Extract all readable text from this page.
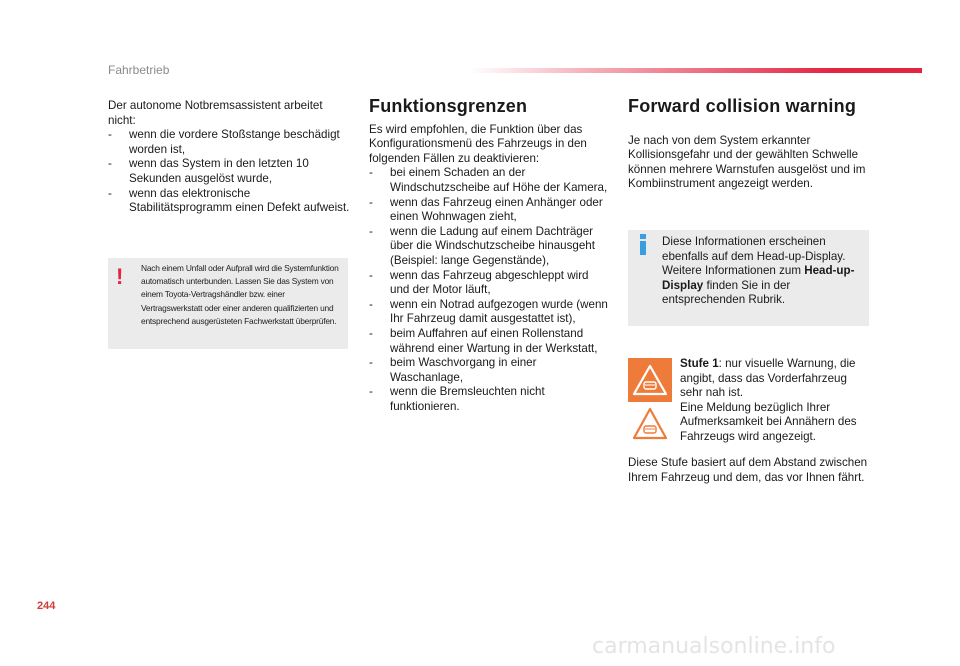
Fahrbetrieb

Der autonome Notbremsassistent arbeitet nicht:

- wenn die vordere Stoßstange beschädigt worden ist,
- wenn das System in den letzten 10 Sekunden ausgelöst wurde,
- wenn das elektronische Stabilitätsprogramm einen Defekt aufweist.
! Nach einem Unfall oder Aufprall wird die Systemfunktion automatisch unterbunden. Lassen Sie das System von einem Toyota-Vertragshändler bzw. einer Vertragswerkstatt oder einer anderen qualifizierten und entsprechend ausgerüsteten Fachwerkstatt überprüfen.
Funktionsgrenzen

Es wird empfohlen, die Funktion über das Konfigurationsmenü des Fahrzeugs in den folgenden Fällen zu deaktivieren:

- bei einem Schaden an der Windschutzscheibe auf Höhe der Kamera,
- wenn das Fahrzeug einen Anhänger oder einen Wohnwagen zieht,
- wenn die Ladung auf einem Dachträger über die Windschutzscheibe hinausgeht (Beispiel: lange Gegenstände),
- wenn das Fahrzeug abgeschleppt wird und der Motor läuft,
- wenn ein Notrad aufgezogen wurde (wenn Ihr Fahrzeug damit ausgestattet ist),
- beim Auffahren auf einen Rollenstand während einer Wartung in der Werkstatt,
- beim Waschvorgang in einer Waschanlage,
- wenn die Bremsleuchten nicht funktionieren.
Forward collision warning

Je nach von dem System erkannter Kollisionsgefahr und der gewählten Schwelle können mehrere Warnstufen ausgelöst und im Kombiinstrument angezeigt werden.

Diese Informationen erscheinen ebenfalls auf dem Head-up-Display. Weitere Informationen zum Head-up-Display finden Sie in der entsprechenden Rubrik.

Stufe 1: nur visuelle Warnung, die angibt, dass das Vorderfahrzeug sehr nah ist.

Eine Meldung bezüglich Ihrer Aufmerksamkeit bei Annähern des Fahrzeugs wird angezeigt.

Diese Stufe basiert auf dem Abstand zwischen Ihrem Fahrzeug und dem, das vor Ihnen fährt.

244
carmanualsonline.info
